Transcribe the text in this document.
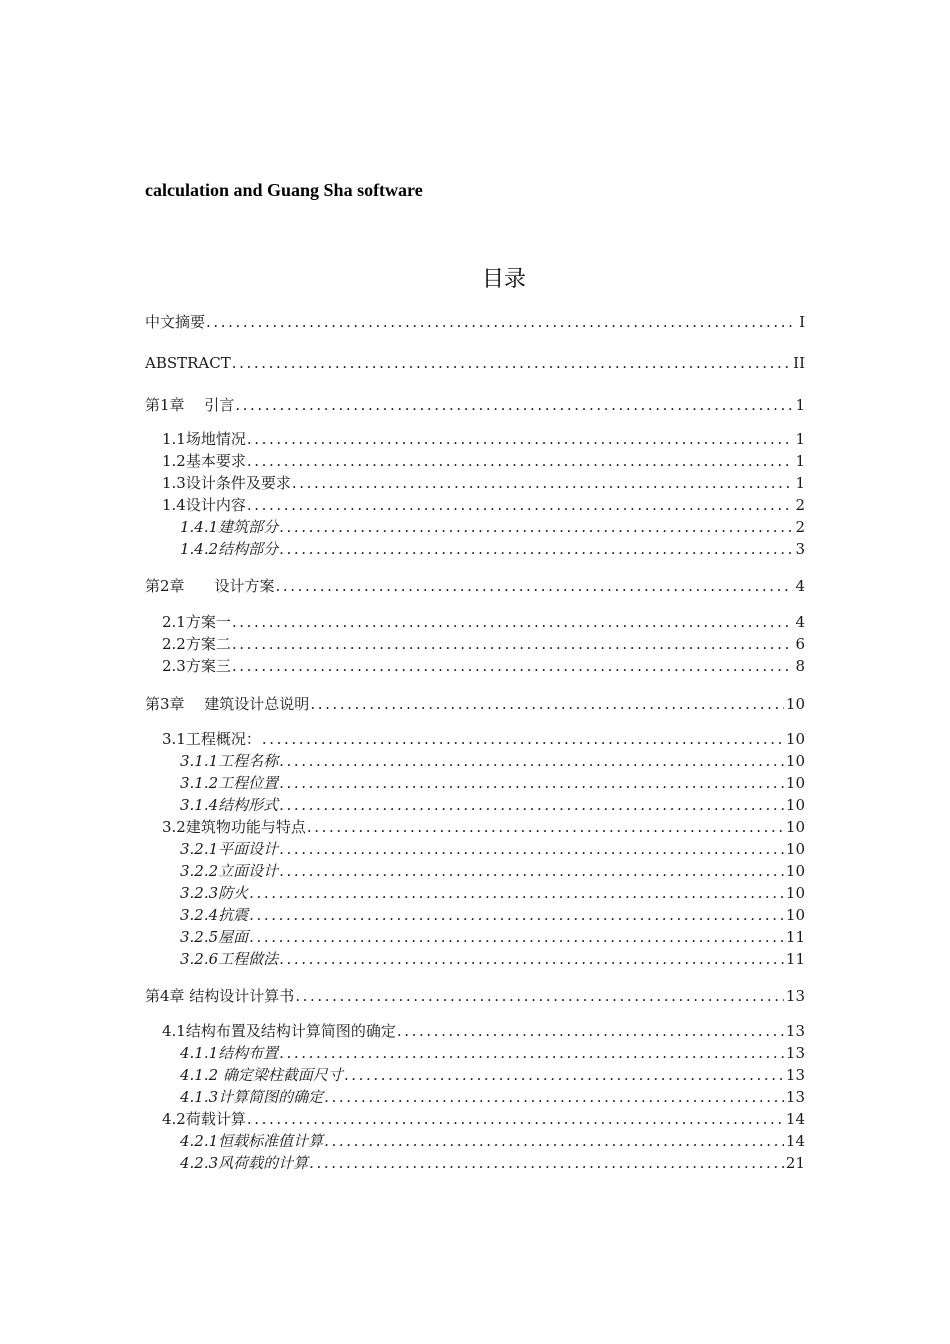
calculation and Guang Sha software
目录
中文摘要 .....	I
ABSTRACT .....	II
第1章　 引言 .....	1
1.1场地情况 .....	1
1.2基本要求 .....	1
1.3设计条件及要求 .....	1
1.4设计内容 .....	2
1.4.1建筑部分 .....	2
1.4.2结构部分 .....	3
第2章　　设计方案 .....	4
2.1方案一 .....	4
2.2方案二 .....	6
2.3方案三 .....	8
第3章　 建筑设计总说明 .....	10
3.1工程概况： .....	10
3.1.1工程名称 .....	10
3.1.2工程位置 .....	10
3.1.4结构形式 .....	10
3.2建筑物功能与特点 .....	10
3.2.1平面设计 .....	10
3.2.2立面设计 .....	10
3.2.3防火 .....	10
3.2.4抗震 .....	10
3.2.5屋面 .....	11
3.2.6工程做法 .....	11
第4章 结构设计计算书 .....	13
4.1结构布置及结构计算简图的确定 .....	13
4.1.1结构布置 .....	13
4.1.2 确定梁柱截面尺寸 .....	13
4.1.3计算简图的确定 .....	13
4.2荷载计算 .....	14
4.2.1恒载标准值计算 .....	14
4.2.3风荷载的计算 .....	21
